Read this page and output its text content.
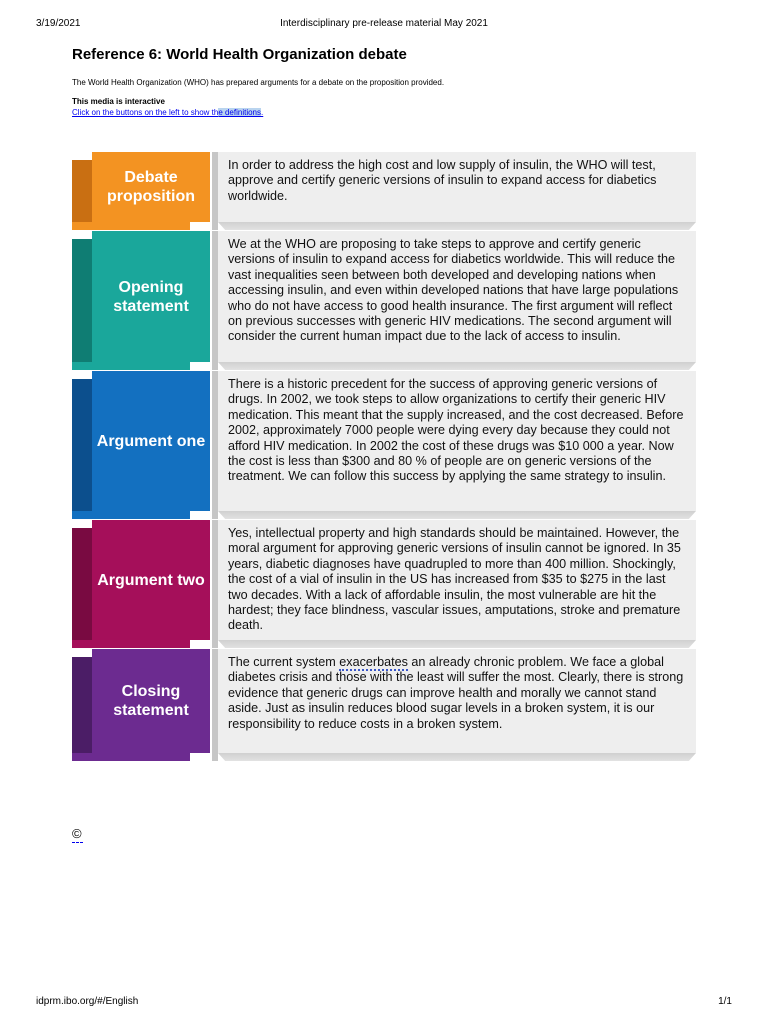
3/19/2021	Interdisciplinary pre-release material May 2021
Reference 6: World Health Organization debate
The World Health Organization (WHO) has prepared arguments for a debate on the proposition provided.
This media is interactive
Click on the buttons on the left to show the definitions.
Debate proposition
In order to address the high cost and low supply of insulin, the WHO will test, approve and certify generic versions of insulin to expand access for diabetics worldwide.
Opening statement
We at the WHO are proposing to take steps to approve and certify generic versions of insulin to expand access for diabetics worldwide. This will reduce the vast inequalities seen between both developed and developing nations when accessing insulin, and even within developed nations that have large populations who do not have access to good health insurance. The first argument will reflect on previous successes with generic HIV medications. The second argument will consider the current human impact due to the lack of access to insulin.
Argument one
There is a historic precedent for the success of approving generic versions of drugs. In 2002, we took steps to allow organizations to certify their generic HIV medication. This meant that the supply increased, and the cost decreased. Before 2002, approximately 7000 people were dying every day because they could not afford HIV medication. In 2002 the cost of these drugs was $10 000 a year. Now the cost is less than $300 and 80 % of people are on generic versions of the treatment. We can follow this success by applying the same strategy to insulin.
Argument two
Yes, intellectual property and high standards should be maintained. However, the moral argument for approving generic versions of insulin cannot be ignored. In 35 years, diabetic diagnoses have quadrupled to more than 400 million. Shockingly, the cost of a vial of insulin in the US has increased from $35 to $275 in the last two decades. With a lack of affordable insulin, the most vulnerable are hit the hardest; they face blindness, vascular issues, amputations, stroke and premature death.
Closing statement
The current system exacerbates an already chronic problem. We face a global diabetes crisis and those with the least will suffer the most. Clearly, there is strong evidence that generic drugs can improve health and morally we cannot stand aside. Just as insulin reduces blood sugar levels in a broken system, it is our responsibility to reduce costs in a broken system.
©
idprm.ibo.org/#/English	1/1
